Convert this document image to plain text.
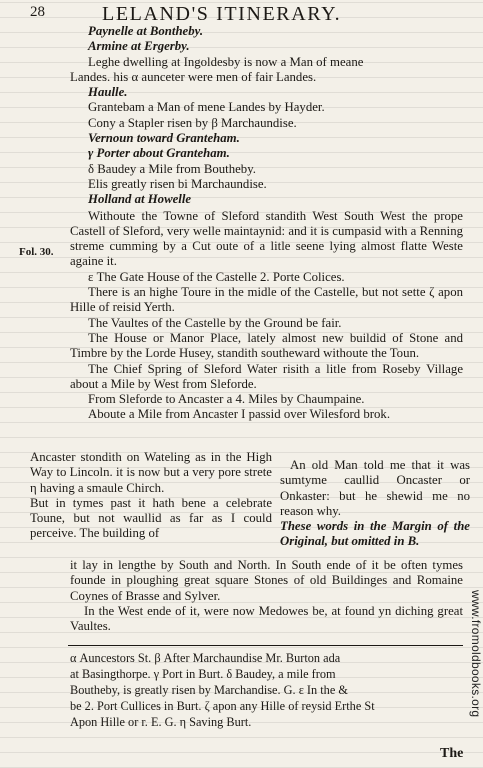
28	LELAND'S ITINERARY.
Fol. 30.

Paynelle at Bontheby.

Armine at Ergerby.

Leghe dwelling at Ingoldesby is now a Man of meane

Landes. his α aunceter were men of fair Landes.

Haulle.

Grantebam a Man of mene Landes by Hayder.

Cony a Stapler risen by β Marchaundise.

Vernoun toward Granteham.

γ Porter about Granteham.

δ Baudey a Mile from Boutheby.

Elis greatly risen bi Marchaundise.

Holland at Howelle

Withoute the Towne of Sleford standith West South West the prope Castell of Sleford, very welle maintaynid: and it is cumpasid with a Renning streme cumming by a Cut oute of a litle seene lying almost flatte Weste againe it.

ε The Gate House of the Castelle 2. Porte Colices.

There is an highe Toure in the midle of the Castelle, but not sette ζ apon Hille of reisid Yerth.

The Vaultes of the Castelle by the Ground be fair.

The House or Manor Place, lately almost new buildid of Stone and Timbre by the Lorde Husey, standith southeward withoute the Toun.

The Chief Spring of Sleford Water risith a litle from Roseby Village about a Mile by West from Sleforde.

From Sleforde to Ancaster a 4. Miles by Chaumpaine.

Aboute a Mile from Ancaster I passid over Wilesford brok.

Ancaster stondith on Wateling as in the High Way to Lincoln. it is now but a very pore strete η having a smaule Chirch.

But in tymes past it hath bene a celebrate Toune, but not waullid as far as I could perceive. The building of

An old Man told me that it was sumtyme caullid Oncaster or Onkaster: but he shewid me no reason why.

These words in the Margin of the Original, but omitted in B.

it lay in lengthe by South and North. In South ende of it be often tymes founde in ploughing great square Stones of old Buildinges and Romaine Coynes of Brasse and Sylver.

In the West ende of it, were now Medowes be, at found yn diching great Vaultes.

α Auncestors St. β After Marchaundise Mr. Burton ada

at Basingthorpe. γ Port in Burt. δ Baudey, a mile from

Boutheby, is greatly risen by Marchandise. G. ε In the &

be 2. Port Cullices in Burt. ζ apon any Hille of reysid Erthe St

Apon Hille or r. E. G. η Saving Burt.

The
www.fromoldbooks.org
